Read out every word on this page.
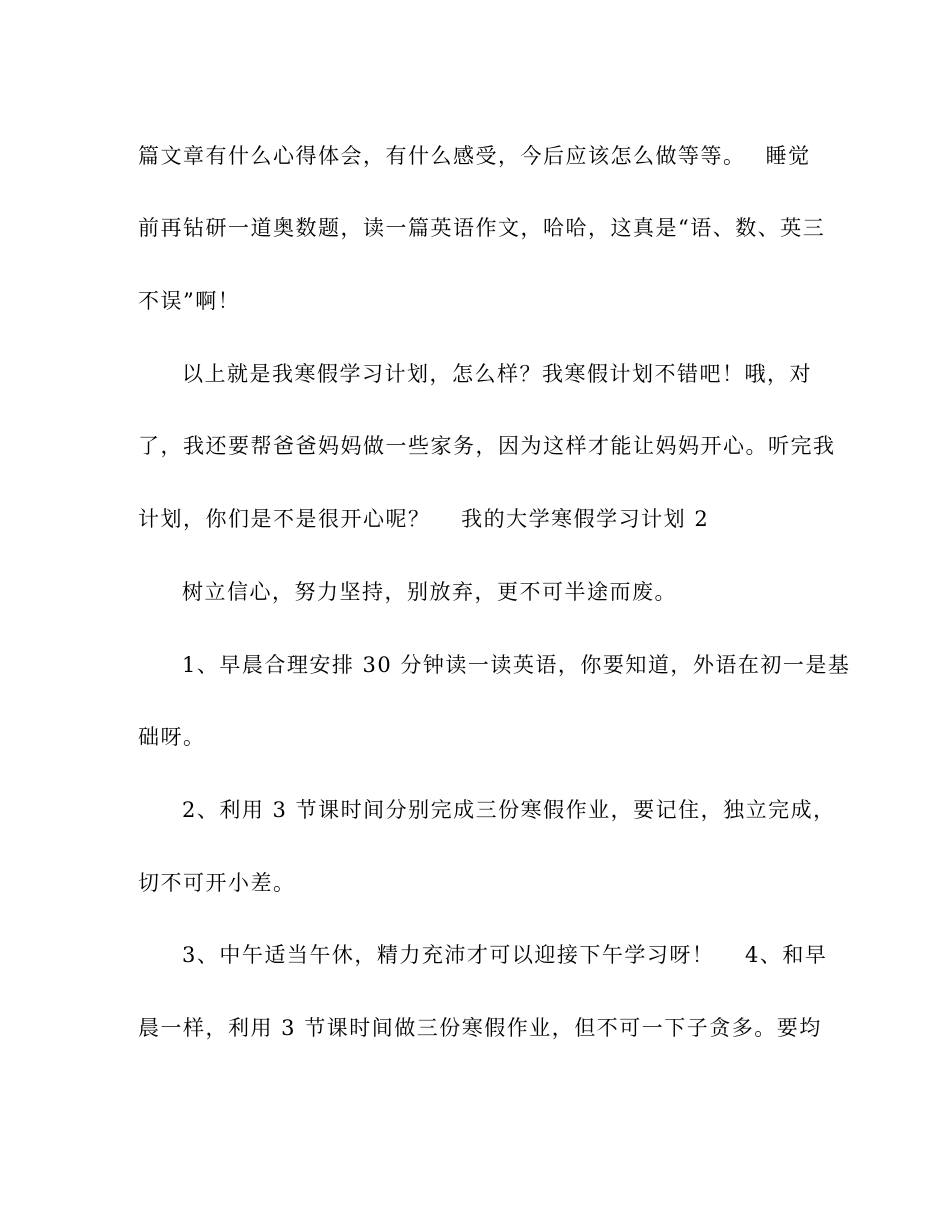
篇文章有什么心得体会，有什么感受，今后应该怎么做等等。　 睡觉
前再钻研一道奥数题，读一篇英语作文，哈哈，这真是“语、数、英三
不误”啊！
以上就是我寒假学习计划，怎么样？我寒假计划不错吧！哦，对
了，我还要帮爸爸妈妈做一些家务，因为这样才能让妈妈开心。听完我
计划，你们是不是很开心呢？　 我的大学寒假学习计划 2
树立信心，努力坚持，别放弃，更不可半途而废。
1、早晨合理安排 30 分钟读一读英语，你要知道，外语在初一是基
础呀。
2、利用 3 节课时间分别完成三份寒假作业，要记住，独立完成，
切不可开小差。
3、中午适当午休，精力充沛才可以迎接下午学习呀！　 4、和早
晨一样，利用 3 节课时间做三份寒假作业，但不可一下子贪多。要均
